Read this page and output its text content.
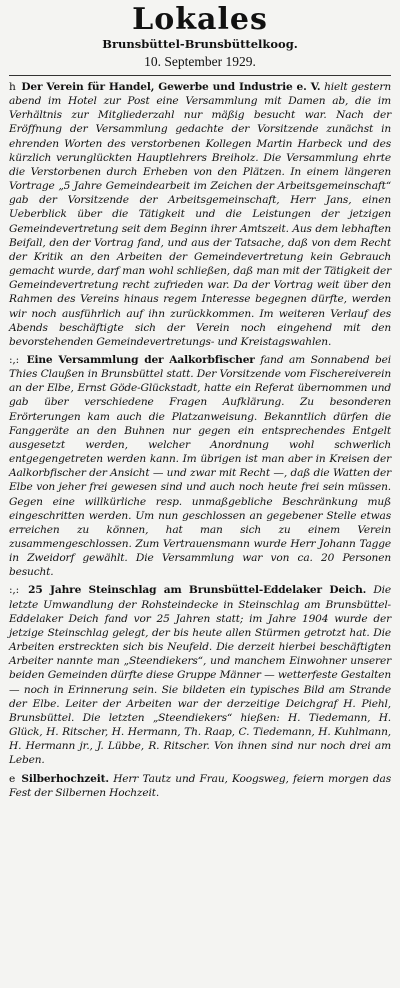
Lokales
Brunsbüttel-Brunsbüttelkoog.
10. September 1929.

h Der Verein für Handel, Gewerbe und Industrie e. V. hielt gestern abend im Hotel zur Post eine Versammlung mit Damen ab, die im Verhältnis zur Mitgliederzahl nur mäßig besucht war. Nach der Eröffnung der Versammlung gedachte der Vorsitzende zunächst in ehrenden Worten des verstorbenen Kollegen Martin Harbeck und des kürzlich verunglückten Hauptlehrers Breiholz. Die Versammlung ehrte die Verstorbenen durch Erheben von den Plätzen. In einem längeren Vortrage „5 Jahre Gemeindearbeit im Zeichen der Arbeitsgemeinschaft“ gab der Vorsitzende der Arbeitsgemeinschaft, Herr Jans, einen Ueberblick über die Tätigkeit und die Leistungen der jetzigen Gemeindevertretung seit dem Beginn ihrer Amtszeit. Aus dem lebhaften Beifall, den der Vortrag fand, und aus der Tatsache, daß von dem Recht der Kritik an den Arbeiten der Gemeindevertretung kein Gebrauch gemacht wurde, darf man wohl schließen, daß man mit der Tätigkeit der Gemeindevertretung recht zufrieden war. Da der Vortrag weit über den Rahmen des Vereins hinaus regem Interesse begegnen dürfte, werden wir noch ausführlich auf ihn zurückkommen. Im weiteren Verlauf des Abends beschäftigte sich der Verein noch eingehend mit den bevorstehenden Gemeindevertretungs- und Kreistagswahlen.

:,: Eine Versammlung der Aalkorbfischer fand am Sonnabend bei Thies Claußen in Brunsbüttel statt. Der Vorsitzende vom Fischereiverein an der Elbe, Ernst Göde-Glückstadt, hatte ein Referat übernommen und gab über verschiedene Fragen Aufklärung. Zu besonderen Erörterungen kam auch die Platzanweisung. Bekanntlich dürfen die Fanggeräte an den Buhnen nur gegen ein entsprechendes Entgelt ausgesetzt werden, welcher Anordnung wohl schwerlich entgegengetreten werden kann. Im übrigen ist man aber in Kreisen der Aalkorbfischer der Ansicht — und zwar mit Recht —, daß die Watten der Elbe von jeher frei gewesen sind und auch noch heute frei sein müssen. Gegen eine willkürliche resp. unmaßgebliche Beschränkung muß eingeschritten werden. Um nun geschlossen an gegebener Stelle etwas erreichen zu können, hat man sich zu einem Verein zusammengeschlossen. Zum Vertrauensmann wurde Herr Johann Tagge in Zweidorf gewählt. Die Versammlung war von ca. 20 Personen besucht.

:,: 25 Jahre Steinschlag am Brunsbüttel-Eddelaker Deich. Die letzte Umwandlung der Rohsteindecke in Steinschlag am Brunsbüttel-Eddelaker Deich fand vor 25 Jahren statt; im Jahre 1904 wurde der jetzige Steinschlag gelegt, der bis heute allen Stürmen getrotzt hat. Die Arbeiten erstreckten sich bis Neufeld. Die derzeit hierbei beschäftigten Arbeiter nannte man „Steendiekers“, und manchem Einwohner unserer beiden Gemeinden dürfte diese Gruppe Männer — wetterfeste Gestalten — noch in Erinnerung sein. Sie bildeten ein typisches Bild am Strande der Elbe. Leiter der Arbeiten war der derzeitige Deichgraf H. Piehl, Brunsbüttel. Die letzten „Steendiekers“ hießen: H. Tiedemann, H. Glück, H. Ritscher, H. Hermann, Th. Raap, C. Tiedemann, H. Kuhlmann, H. Hermann jr., J. Lübbe, R. Ritscher. Von ihnen sind nur noch drei am Leben.

e Silberhochzeit. Herr Tautz und Frau, Koogsweg, feiern morgen das Fest der Silbernen Hochzeit.
